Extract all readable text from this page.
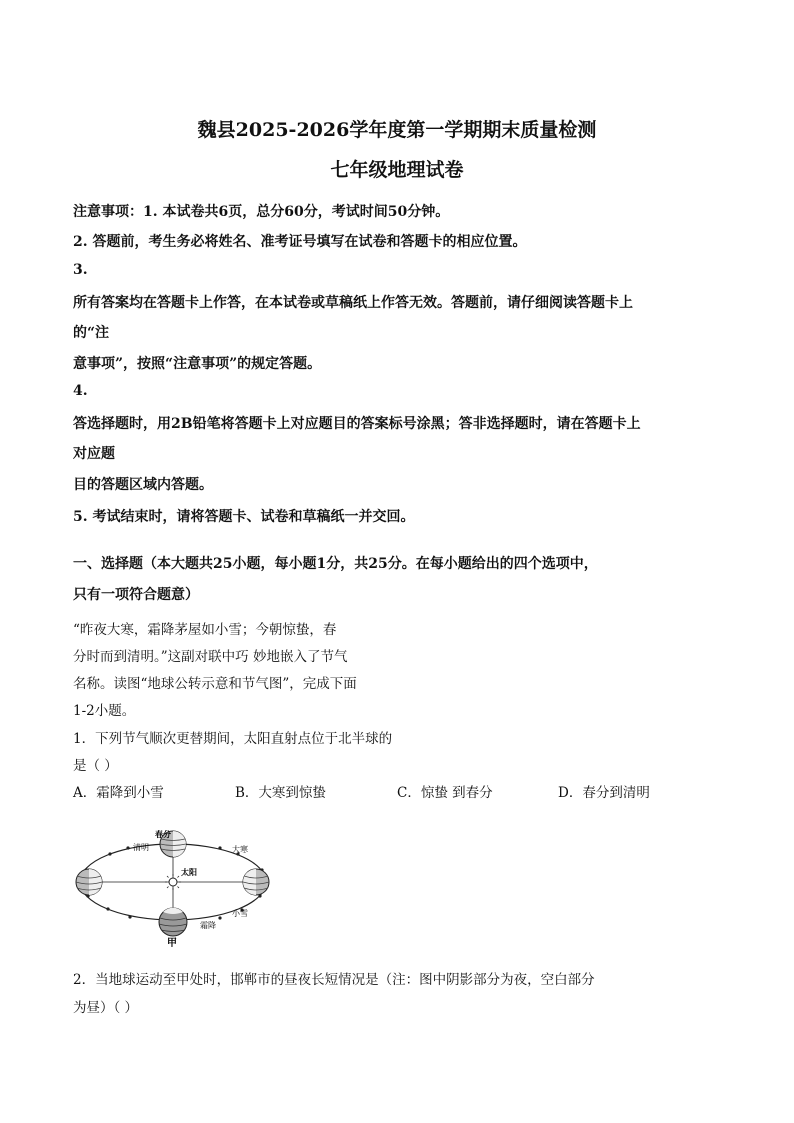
魏县2025-2026学年度第一学期期末质量检测
七年级地理试卷
注意事项：1. 本试卷共6页，总分60分，考试时间50分钟。
2. 答题前，考生务必将姓名、准考证号填写在试卷和答题卡的相应位置。
3.
所有答案均在答题卡上作答，在本试卷或草稿纸上作答无效。答题前，请仔细阅读答题卡上
的“注
意事项”，按照“注意事项”的规定答题。
4.
答选择题时，用2B铅笔将答题卡上对应题目的答案标号涂黑；答非选择题时，请在答题卡上
对应题
目的答题区域内答题。
5. 考试结束时，请将答题卡、试卷和草稿纸一并交回。
一、选择题（本大题共25小题，每小题1分，共25分。在每小题给出的四个选项中，
只有一项符合题意）
“昨夜大寒，霜降茅屋如小雪；今朝惊蛰，春
分时而到清明。”这副对联中巧 妙地嵌入了节气
名称。读图“地球公转示意和节气图”，完成下面
1-2小题。
1．下列节气顺次更替期间，太阳直射点位于北半球的
是（ ）
A．霜降到小雪	B．大寒到惊蛰	C．惊蛰 到春分	D．春分到清明
春分
清明	大寒
太阳
小雪
霜降
甲
2．当地球运动至甲处时，邯郸市的昼夜长短情况是（注：图中阴影部分为夜，空白部分
为昼）（ ）
